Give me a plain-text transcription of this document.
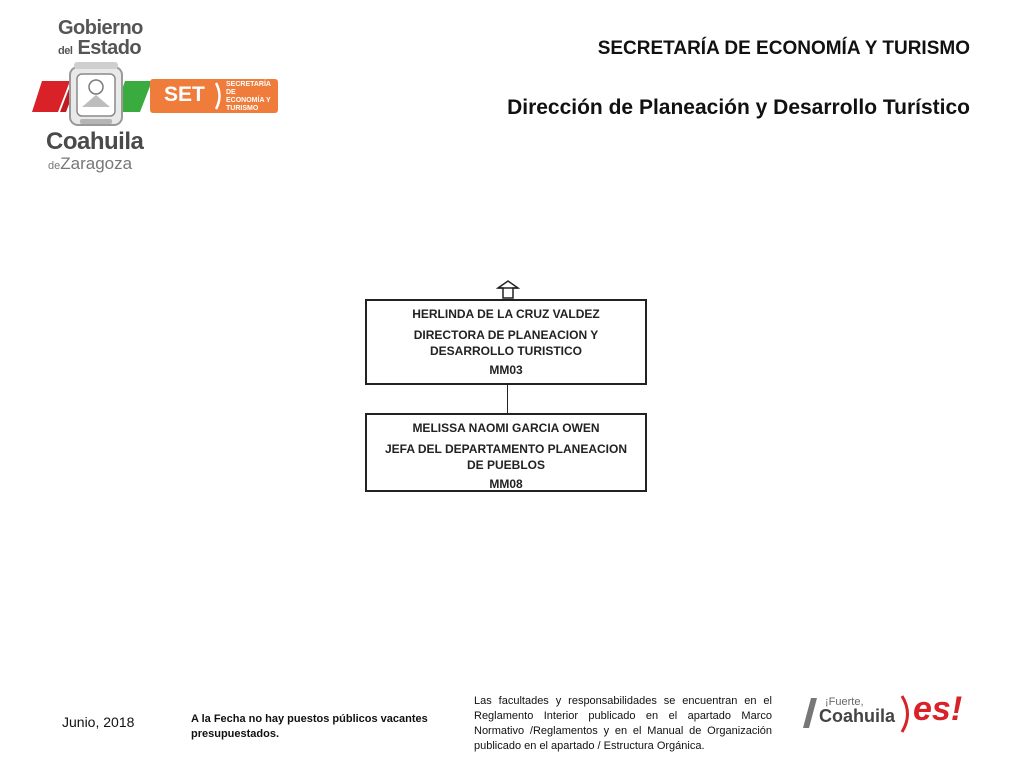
Gobierno
del Estado
SET	SECRETARÍA DE ECONOMÍA Y TURISMO
Coahuila
deZaragoza
SECRETARÍA DE ECONOMÍA Y TURISMO
Dirección de Planeación y Desarrollo Turístico
HERLINDA DE LA CRUZ VALDEZ
DIRECTORA DE PLANEACION Y DESARROLLO TURISTICO
MM03
MELISSA NAOMI GARCIA OWEN
JEFA DEL DEPARTAMENTO PLANEACION DE PUEBLOS
MM08
Junio, 2018	A la Fecha no hay puestos públicos vacantes presupuestados.
Las facultades y responsabilidades se encuentran en el Reglamento Interior publicado en el apartado Marco Normativo /Reglamentos y en el Manual de Organización publicado en el apartado / Estructura Orgánica.
¡Fuerte,
Coahuila es!
